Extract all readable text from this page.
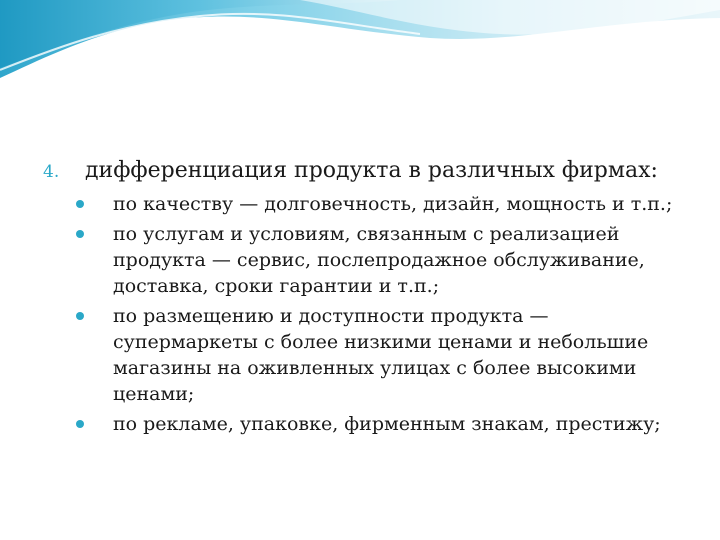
4.	дифференциация продукта в различных фирмах:
по качеству — долговечность, дизайн, мощность и т.п.;
по услугам и условиям, связанным с реализацией продукта — сервис, послепродажное обслуживание, доставка, сроки гарантии и т.п.;
по размещению и доступности продукта — супермаркеты с более низкими ценами и небольшие магазины на оживленных улицах с более высокими ценами;
по рекламе, упаковке, фирменным знакам, престижу;
